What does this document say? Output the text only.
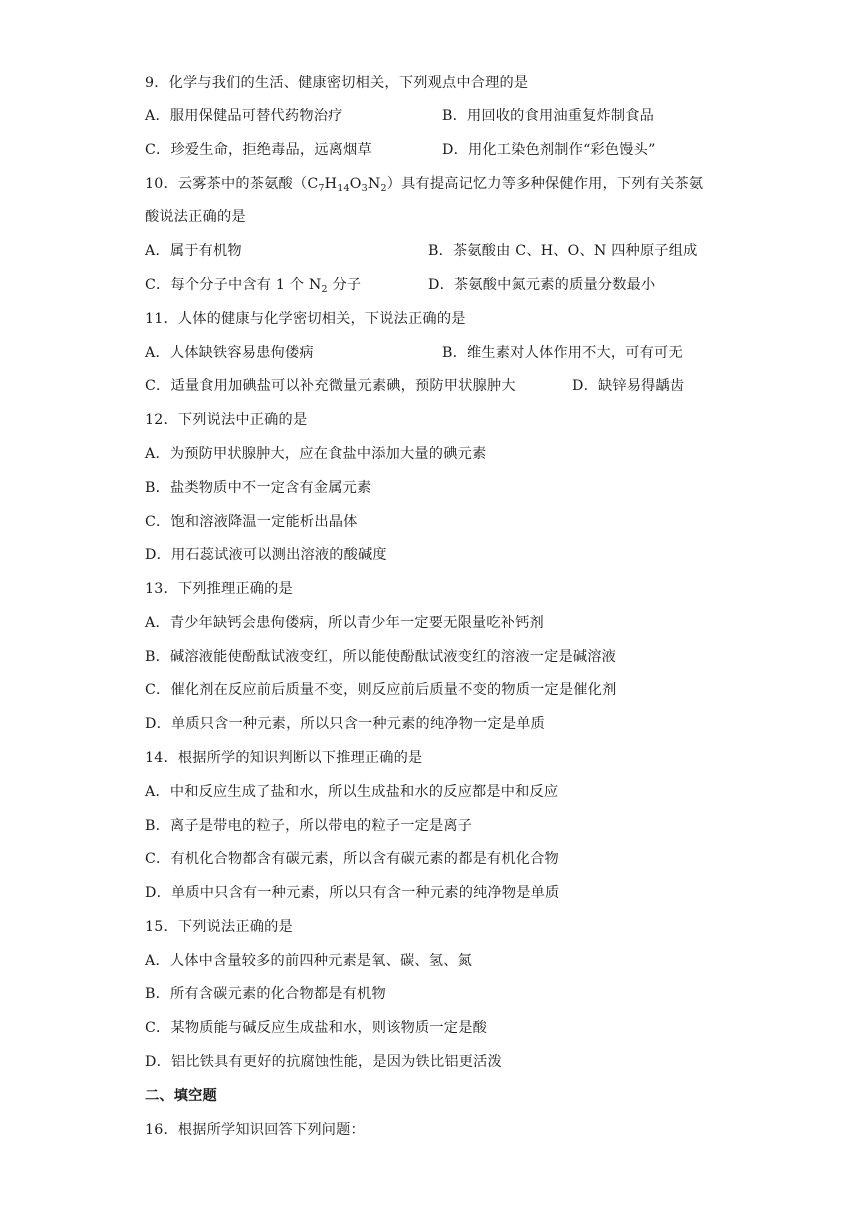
9．化学与我们的生活、健康密切相关，下列观点中合理的是
A．服用保健品可替代药物治疗	B．用回收的食用油重复炸制食品
C．珍爱生命，拒绝毒品，远离烟草	D．用化工染色剂制作“彩色馒头”
10．云雾茶中的茶氨酸$(C_7H_{14}O_3N_2)$具有提高记忆力等多种保健作用，下列有关茶氨
酸说法正确的是
A．属于有机物	B．茶氨酸由 C、H、O、N 四种原子组成
C．每个分子中含有 1 个 $N_2$ 分子	D．茶氨酸中氮元素的质量分数最小
11．人体的健康与化学密切相关，下说法正确的是
A．人体缺铁容易患佝偻病	B．维生素对人体作用不大，可有可无
C．适量食用加碘盐可以补充微量元素碘，预防甲状腺肿大	D．缺锌易得龋齿
12．下列说法中正确的是
A．为预防甲状腺肿大，应在食盐中添加大量的碘元素
B．盐类物质中不一定含有金属元素
C．饱和溶液降温一定能析出晶体
D．用石蕊试液可以测出溶液的酸碱度
13．下列推理正确的是
A．青少年缺钙会患佝偻病，所以青少年一定要无限量吃补钙剂
B．碱溶液能使酚酞试液变红，所以能使酚酞试液变红的溶液一定是碱溶液
C．催化剂在反应前后质量不变，则反应前后质量不变的物质一定是催化剂
D．单质只含一种元素，所以只含一种元素的纯净物一定是单质
14．根据所学的知识判断以下推理正确的是
A．中和反应生成了盐和水，所以生成盐和水的反应都是中和反应
B．离子是带电的粒子，所以带电的粒子一定是离子
C．有机化合物都含有碳元素，所以含有碳元素的都是有机化合物
D．单质中只含有一种元素，所以只有含一种元素的纯净物是单质
15．下列说法正确的是
A．人体中含量较多的前四种元素是氧、碳、氢、氮
B．所有含碳元素的化合物都是有机物
C．某物质能与碱反应生成盐和水，则该物质一定是酸
D．铝比铁具有更好的抗腐蚀性能，是因为铁比铝更活泼
二、填空题
16．根据所学知识回答下列问题：
